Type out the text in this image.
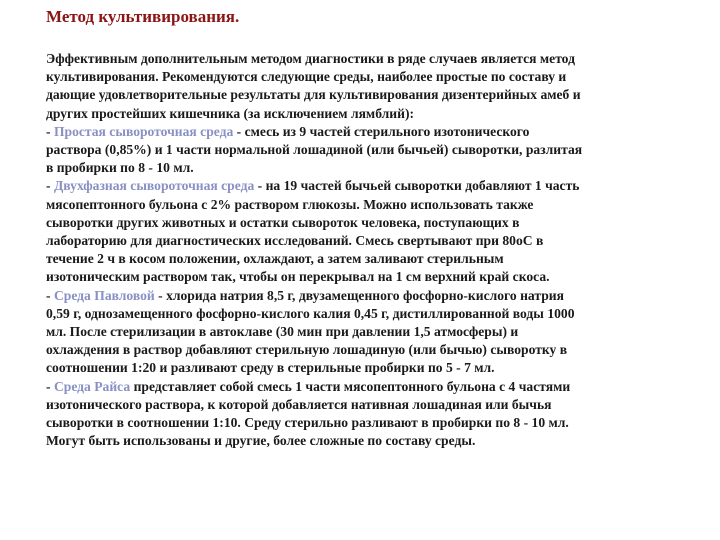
Метод культивирования.
Эффективным дополнительным методом диагностики в ряде случаев является метод
культивирования. Рекомендуются следующие среды, наиболее простые по составу и
дающие удовлетворительные результаты для культивирования дизентерийных амеб и
других простейших кишечника (за исключением лямблий):
- Простая сывороточная среда - смесь из 9 частей стерильного изотонического
раствора (0,85%) и 1 части нормальной лошадиной (или бычьей) сыворотки, разлитая
в пробирки по 8 - 10 мл.
- Двухфазная сывороточная среда - на 19 частей бычьей сыворотки добавляют 1 часть
мясопептонного бульона с 2% раствором глюкозы. Можно использовать также
сыворотки других животных и остатки сывороток человека, поступающих в
лабораторию для диагностических исследований. Смесь свертывают при 80оС в
течение 2 ч в косом положении, охлаждают, а затем заливают стерильным
изотоническим раствором так, чтобы он перекрывал на 1 см верхний край скоса.
- Среда Павловой - хлорида натрия 8,5 г, двузамещенного фосфорно-кислого натрия
0,59 г, однозамещенного фосфорно-кислого калия 0,45 г, дистиллированной воды 1000
мл. После стерилизации в автоклаве (30 мин при давлении 1,5 атмосферы) и
охлаждения в раствор добавляют стерильную лошадиную (или бычью) сыворотку в
соотношении 1:20 и разливают среду в стерильные пробирки по 5 - 7 мл.
- Среда Райса представляет собой смесь 1 части мясопептонного бульона с 4 частями
изотонического раствора, к которой добавляется нативная лошадиная или бычья
сыворотки в соотношении 1:10. Среду стерильно разливают в пробирки по 8 - 10 мл.
Могут быть использованы и другие, более сложные по составу среды.
